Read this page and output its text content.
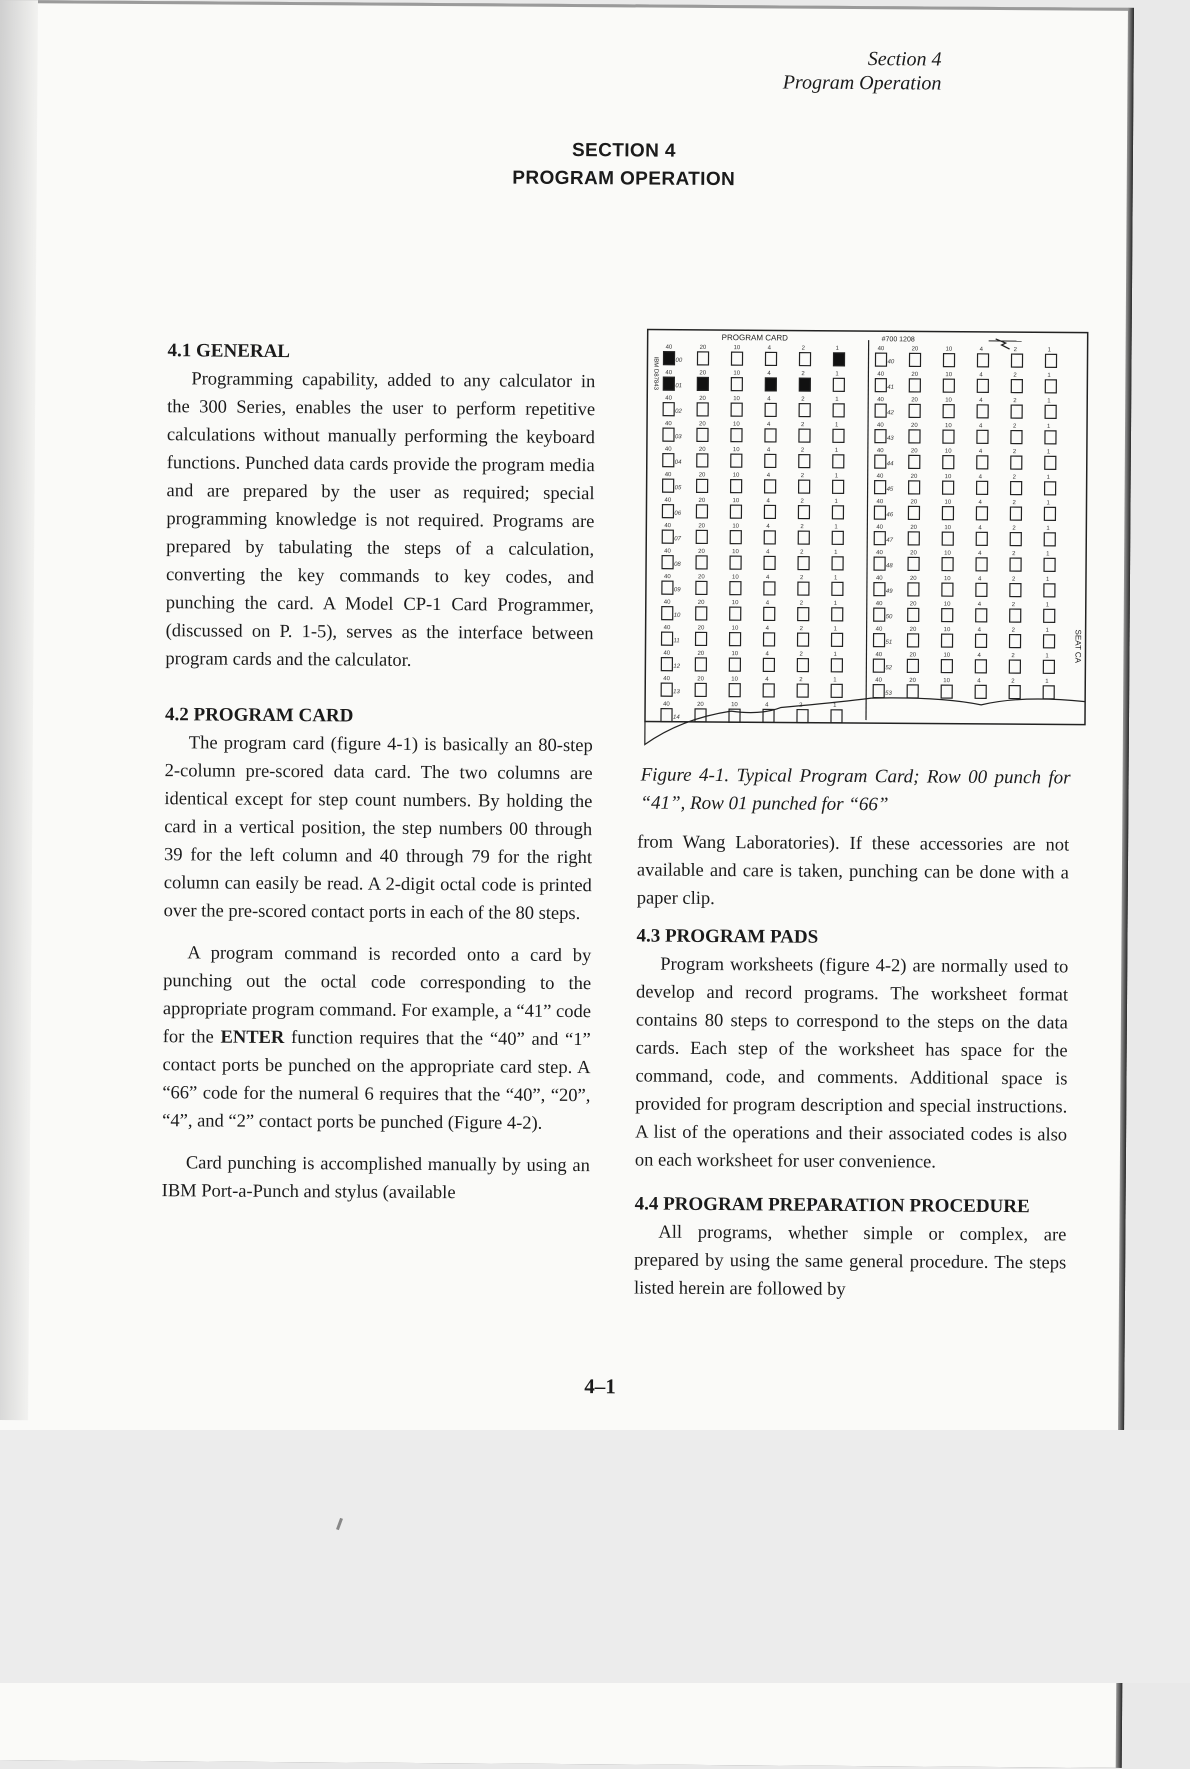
Section 4
Program Operation
SECTION 4
PROGRAM OPERATION
4.1 GENERAL

Programming capability, added to any calculator in the 300 Series, enables the user to perform repetitive calculations without manually performing the keyboard functions. Punched data cards provide the program media and are prepared by the user as required; special programming knowledge is not required. Programs are prepared by tabulating the steps of a calculation, converting the key commands to key codes, and punching the card. A Model CP-1 Card Programmer, (discussed on P. 1-5), serves as the interface between program cards and the calculator.

4.2 PROGRAM CARD

The program card (figure 4-1) is basically an 80-step 2-column pre-scored data card. The two columns are identical except for step count numbers. By holding the card in a vertical position, the step numbers 00 through 39 for the left column and 40 through 79 for the right column can easily be read. A 2-digit octal code is printed over the pre-scored contact ports in each of the 80 steps.

A program command is recorded onto a card by punching out the octal code corresponding to the appropriate program command. For example, a “41” code for the ENTER function requires that the “40” and “1” contact ports be punched on the appropriate card step. A “66” code for the numeral 6 requires that the “40”, “20”, “4”, and “2” contact ports be punched (Figure 4-2).

Card punching is accomplished manually by using an IBM Port-a-Punch and stylus (available

PROGRAM CARD	#700 1208
IBM D87843
SEAT CA
40	20	10	4	2	1
00
40	20	10	4	2	1
01
40	20	10	4	2	1
02
40	20	10	4	2	1
03
40	20	10	4	2	1
04
40	20	10	4	2	1
05
40	20	10	4	2	1
06
40	20	10	4	2	1
07
40	20	10	4	2	1
08
40	20	10	4	2	1
09
40	20	10	4	2	1
10
40	20	10	4	2	1
11
40	20	10	4	2	1
12
40	20	10	4	2	1
13
40	20	10	4	2	1
14
40	20	10	4	2	1
40
40	20	10	4	2	1
41
40	20	10	4	2	1
42
40	20	10	4	2	1
43
40	20	10	4	2	1
44
40	20	10	4	2	1
45
40	20	10	4	2	1
46
40	20	10	4	2	1
47
40	20	10	4	2	1
48
40	20	10	4	2	1
49
40	20	10	4	2	1
50
40	20	10	4	2	1
51
40	20	10	4	2	1
52
40	20	10	4	2	1
53
Figure 4-1. Typical Program Card; Row 00 punch for “41”, Row 01 punched for “66”

from Wang Laboratories). If these accessories are not available and care is taken, punching can be done with a paper clip.

4.3 PROGRAM PADS

Program worksheets (figure 4-2) are normally used to develop and record programs. The worksheet format contains 80 steps to correspond to the steps on the data cards. Each step of the worksheet has space for the command, code, and comments. Additional space is provided for program description and special instructions. A list of the operations and their associated codes is also on each worksheet for user convenience.

4.4 PROGRAM PREPARATION PROCEDURE

All programs, whether simple or complex, are prepared by using the same general procedure. The steps listed herein are followed by

4–1
